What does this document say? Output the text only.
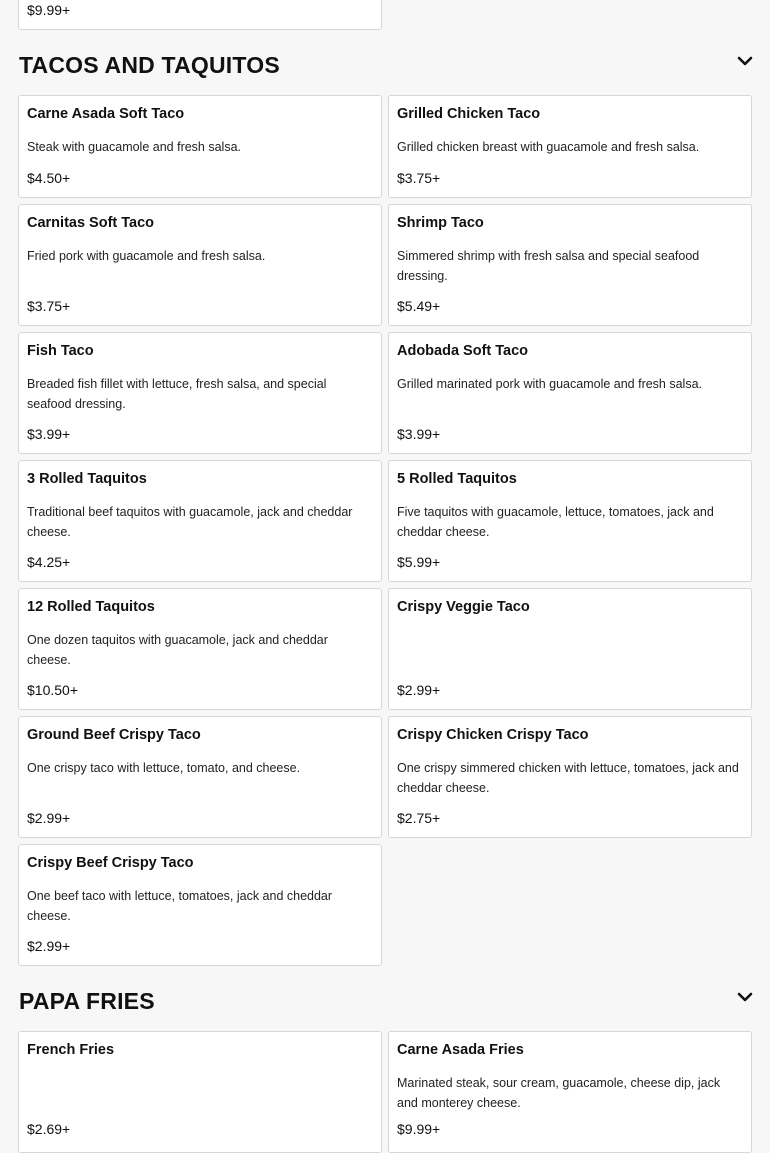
$9.99+
TACOS AND TAQUITOS
Carne Asada Soft Taco
Steak with guacamole and fresh salsa.
$4.50+
Grilled Chicken Taco
Grilled chicken breast with guacamole and fresh salsa.
$3.75+
Carnitas Soft Taco
Fried pork with guacamole and fresh salsa.
$3.75+
Shrimp Taco
Simmered shrimp with fresh salsa and special seafood dressing.
$5.49+
Fish Taco
Breaded fish fillet with lettuce, fresh salsa, and special seafood dressing.
$3.99+
Adobada Soft Taco
Grilled marinated pork with guacamole and fresh salsa.
$3.99+
3 Rolled Taquitos
Traditional beef taquitos with guacamole, jack and cheddar cheese.
$4.25+
5 Rolled Taquitos
Five taquitos with guacamole, lettuce, tomatoes, jack and cheddar cheese.
$5.99+
12 Rolled Taquitos
One dozen taquitos with guacamole, jack and cheddar cheese.
$10.50+
Crispy Veggie Taco
$2.99+
Ground Beef Crispy Taco
One crispy taco with lettuce, tomato, and cheese.
$2.99+
Crispy Chicken Crispy Taco
One crispy simmered chicken with lettuce, tomatoes, jack and cheddar cheese.
$2.75+
Crispy Beef Crispy Taco
One beef taco with lettuce, tomatoes, jack and cheddar cheese.
$2.99+
PAPA FRIES
French Fries
$2.69+
Carne Asada Fries
Marinated steak, sour cream, guacamole, cheese dip, jack and monterey cheese.
$9.99+
